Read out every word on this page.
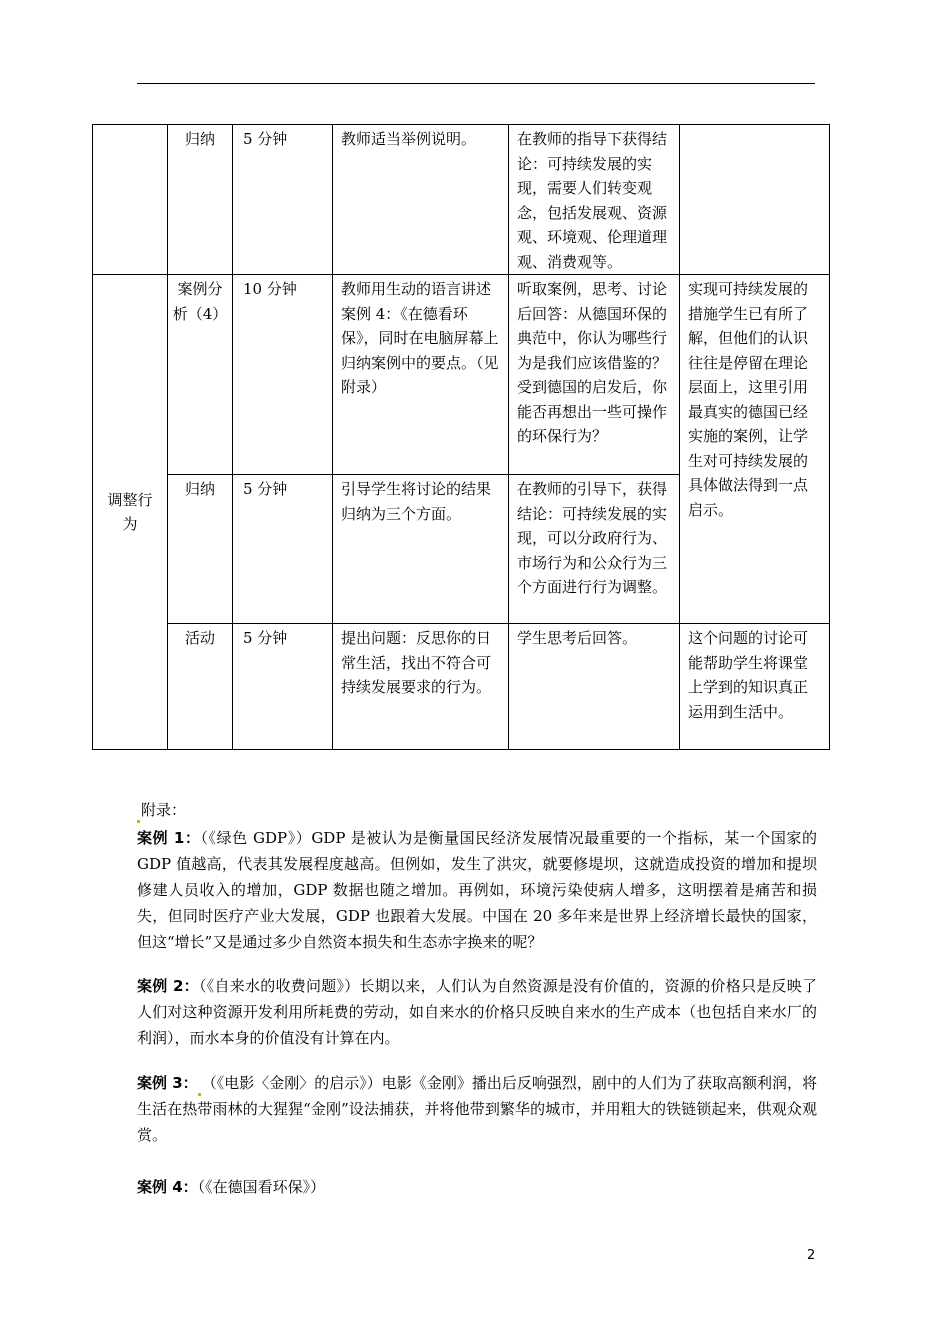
	归纳	5 分钟	教师适当举例说明。	在教师的指导下获得结论：可持续发展的实现，需要人们转变观念，包括发展观、资源观、环境观、伦理道理观、消费观等。	
调整行为	案例分析（4）	10 分钟	教师用生动的语言讲述案例 4：《在德看环保》，同时在电脑屏幕上归纳案例中的要点。（见附录）	听取案例，思考、讨论后回答：从德国环保的典范中，你认为哪些行为是我们应该借鉴的？受到德国的启发后，你能否再想出一些可操作的环保行为？	实现可持续发展的措施学生已有所了解，但他们的认识往往是停留在理论层面上，这里引用最真实的德国已经实施的案例，让学生对可持续发展的具体做法得到一点启示。
	归纳	5 分钟	引导学生将讨论的结果归纳为三个方面。	在教师的引导下，获得结论：可持续发展的实现，可以分政府行为、市场行为和公众行为三个方面进行行为调整。	
	活动	5 分钟	提出问题：反思你的日常生活，找出不符合可持续发展要求的行为。	学生思考后回答。	这个问题的讨论可能帮助学生将课堂上学到的知识真正运用到生活中。
附录：

案例 1：（《绿色 GDP》）GDP 是被认为是衡量国民经济发展情况最重要的一个指标，某一个国家的 GDP 值越高，代表其发展程度越高。但例如，发生了洪灾，就要修堤坝，这就造成投资的增加和提坝修建人员收入的增加，GDP 数据也随之增加。再例如，环境污染使病人增多，这明摆着是痛苦和损失，但同时医疗产业大发展，GDP 也跟着大发展。中国在 20 多年来是世界上经济增长最快的国家，但这“增长”又是通过多少自然资本损失和生态赤字换来的呢？

案例 2：（《自来水的收费问题》）长期以来，人们认为自然资源是没有价值的，资源的价格只是反映了人们对这种资源开发利用所耗费的劳动，如自来水的价格只反映自来水的生产成本（也包括自来水厂的利润），而水本身的价值没有计算在内。

案例 3： （《电影〈金刚〉的启示》）电影《金刚》播出后反响强烈，剧中的人们为了获取高额利润，将生活在热带雨林的大猩猩“金刚”设法捕获，并将他带到繁华的城市，并用粗大的铁链锁起来，供观众观赏。

案例 4：（《在德国看环保》）

2
